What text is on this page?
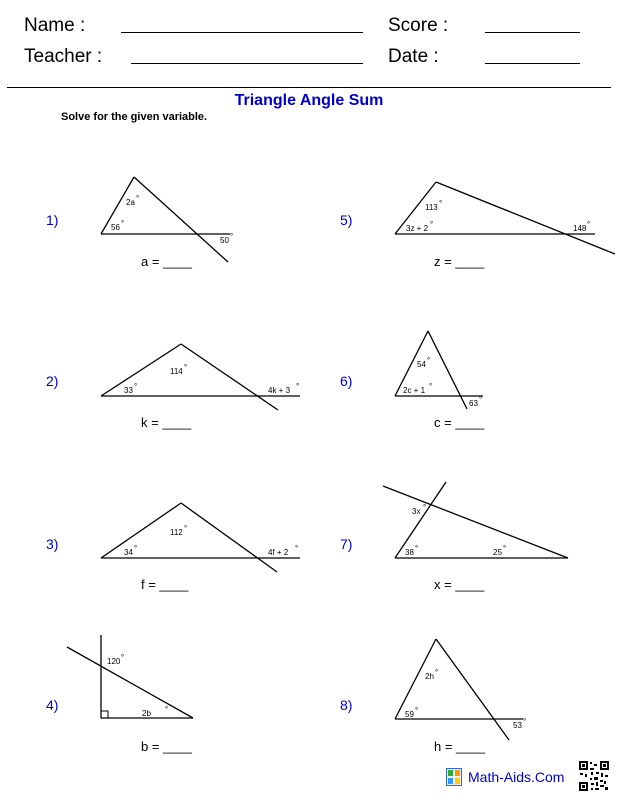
Name :	Score :
Teacher :	Date :
Triangle Angle Sum
Solve for the given variable.
1)
2)
3)
4)
5)
6)
7)
8)
a = ____
k = ____
f = ____
b = ____
z = ____
c = ____
x = ____
h = ____
2a °
56 °
50 °
114 °
33 °	4k + 3 °
112 °
34 °	4f + 2 °
120 °
2b °
113 °
3z + 2 °	148 °
54 °
2c + 1 °
63 °
3x °
38 °	25 °
2h °
59 °
53 °
Math-Aids.Com
